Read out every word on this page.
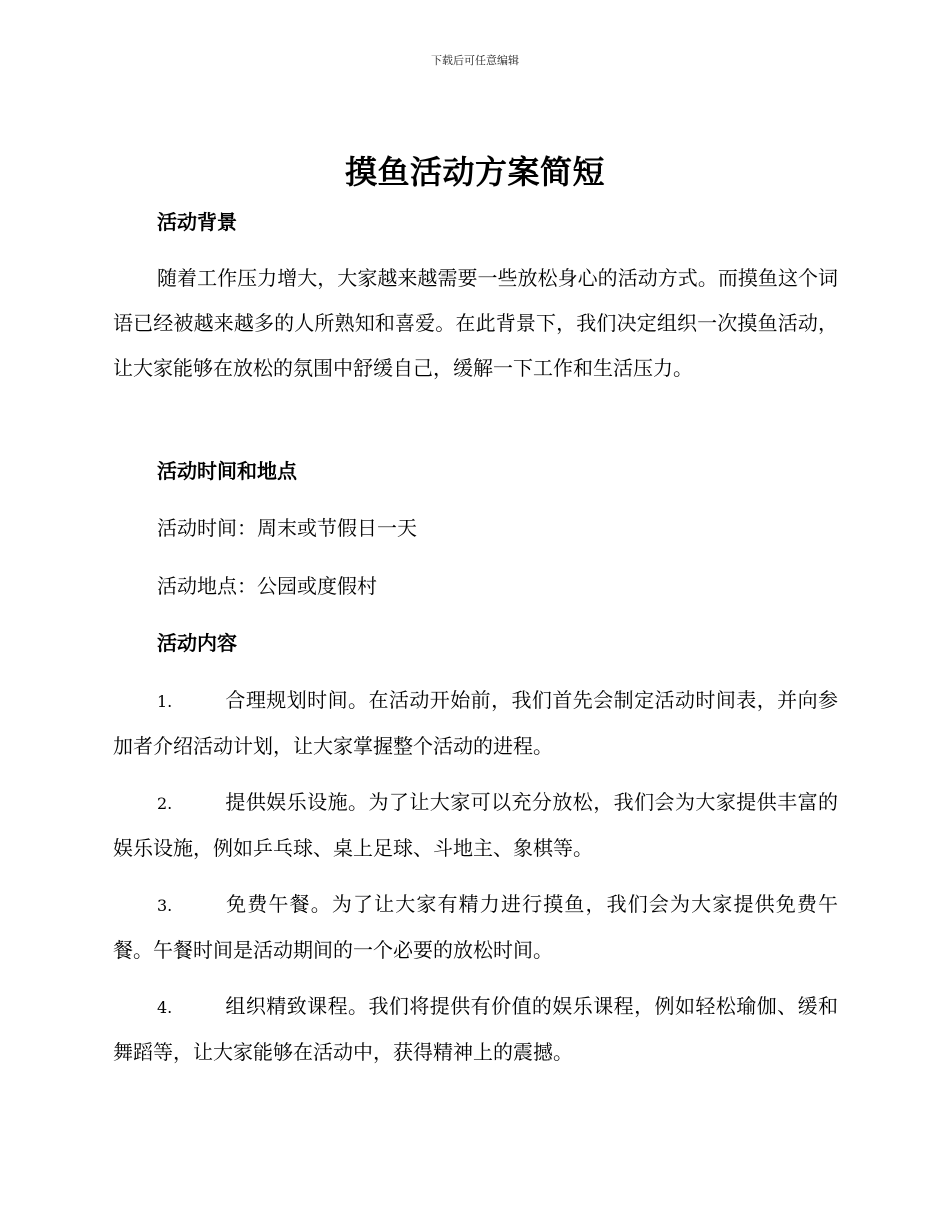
下载后可任意编辑
摸鱼活动方案简短
活动背景
随着工作压力增大，大家越来越需要一些放松身心的活动方式。而摸鱼这个词语已经被越来越多的人所熟知和喜爱。在此背景下，我们决定组织一次摸鱼活动，让大家能够在放松的氛围中舒缓自己，缓解一下工作和生活压力。
活动时间和地点
活动时间：周末或节假日一天
活动地点：公园或度假村
活动内容
1.	合理规划时间。在活动开始前，我们首先会制定活动时间表，并向参加者介绍活动计划，让大家掌握整个活动的进程。
2.	提供娱乐设施。为了让大家可以充分放松，我们会为大家提供丰富的娱乐设施，例如乒乓球、桌上足球、斗地主、象棋等。
3.	免费午餐。为了让大家有精力进行摸鱼，我们会为大家提供免费午餐。午餐时间是活动期间的一个必要的放松时间。
4.	组织精致课程。我们将提供有价值的娱乐课程，例如轻松瑜伽、缓和舞蹈等，让大家能够在活动中，获得精神上的震撼。
